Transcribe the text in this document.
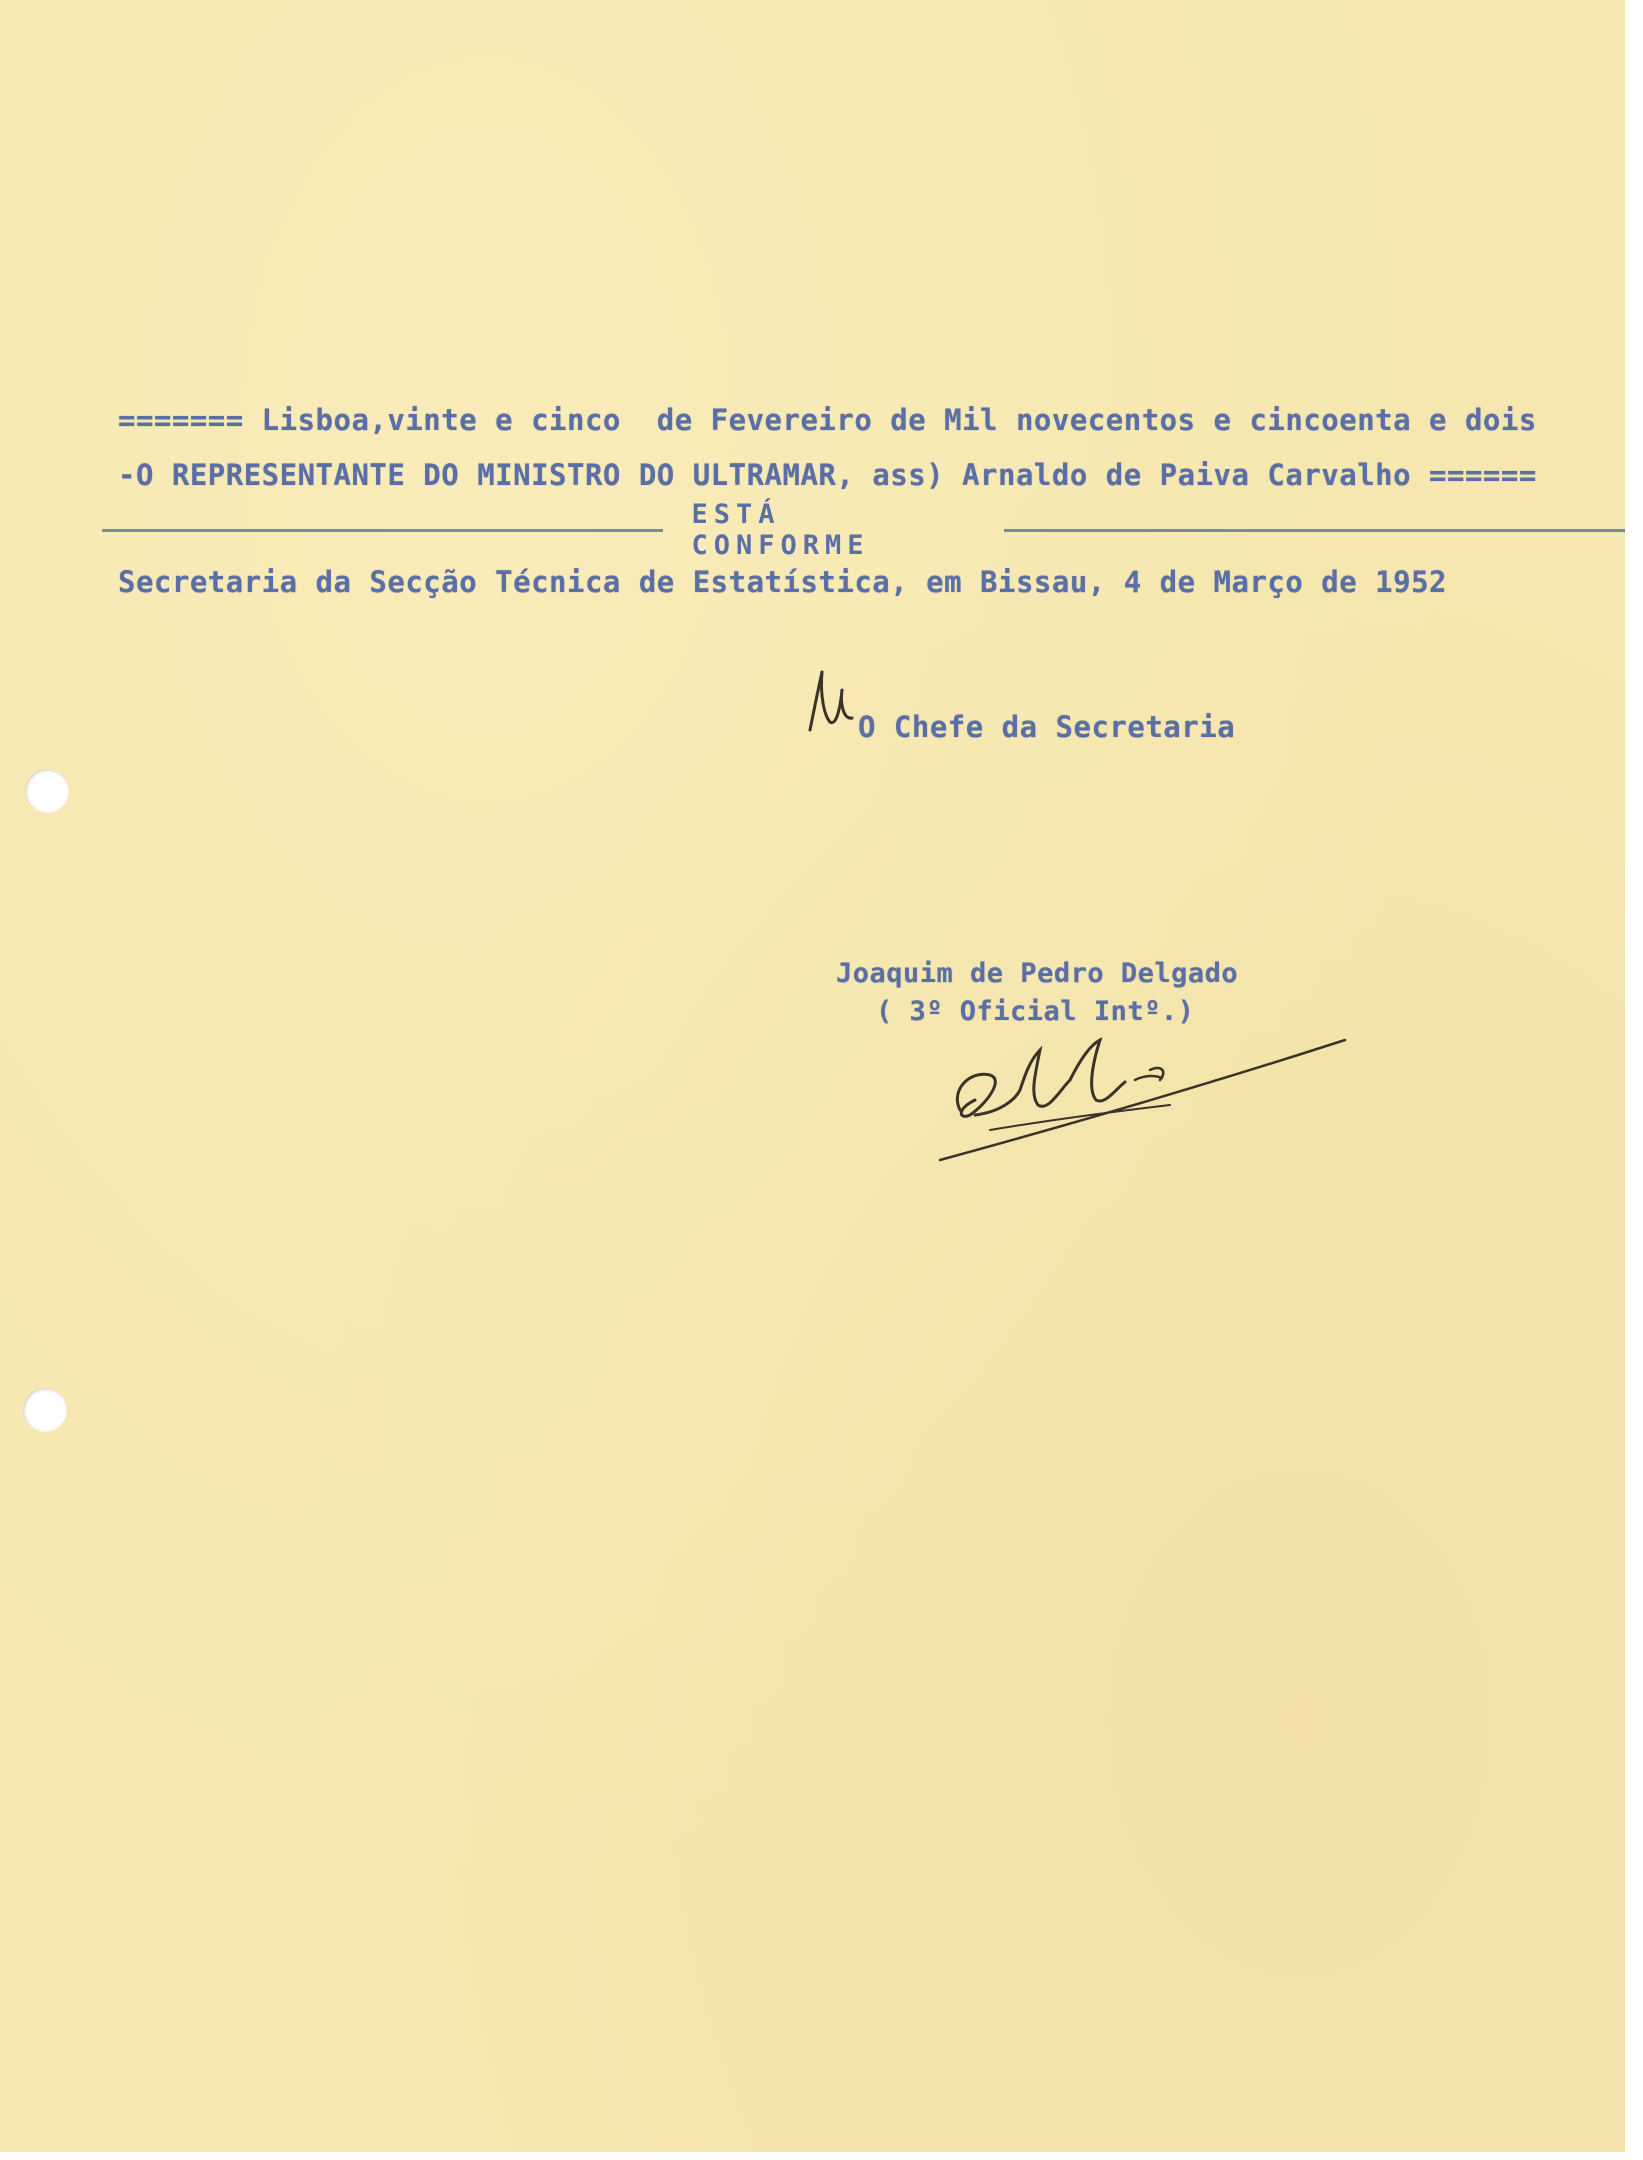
======= Lisboa,vinte e cinco  de Fevereiro de Mil novecentos e cincoenta e dois
-O REPRESENTANTE DO MINISTRO DO ULTRAMAR, ass) Arnaldo de Paiva Carvalho ======
ESTÁ CONFORME
Secretaria da Secção Técnica de Estatística, em Bissau, 4 de Março de 1952
O Chefe da Secretaria
Joaquim de Pedro Delgado
( 3º Oficial Intº.)
